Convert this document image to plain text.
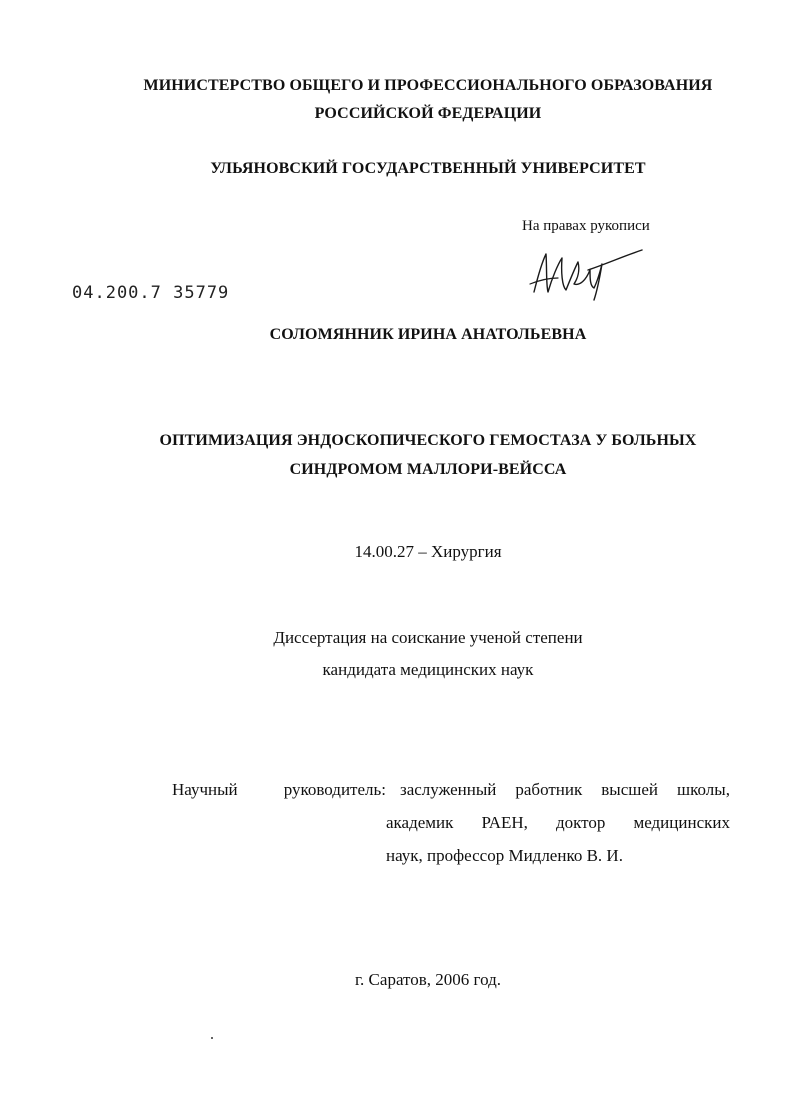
МИНИСТЕРСТВО ОБЩЕГО И ПРОФЕССИОНАЛЬНОГО ОБРАЗОВАНИЯ
РОССИЙСКОЙ ФЕДЕРАЦИИ
УЛЬЯНОВСКИЙ ГОСУДАРСТВЕННЫЙ УНИВЕРСИТЕТ
На правах рукописи
04.200.7 35779
СОЛОМЯННИК ИРИНА АНАТОЛЬЕВНА
ОПТИМИЗАЦИЯ ЭНДОСКОПИЧЕСКОГО ГЕМОСТАЗА У БОЛЬНЫХ
СИНДРОМОМ МАЛЛОРИ-ВЕЙССА
14.00.27 – Хирургия
Диссертация на соискание ученой степени
кандидата медицинских наук
Научный	руководитель: заслуженный работник высшей школы,
академик РАЕН, доктор медицинских
наук, профессор Мидленко В. И.
г. Саратов, 2006 год.
